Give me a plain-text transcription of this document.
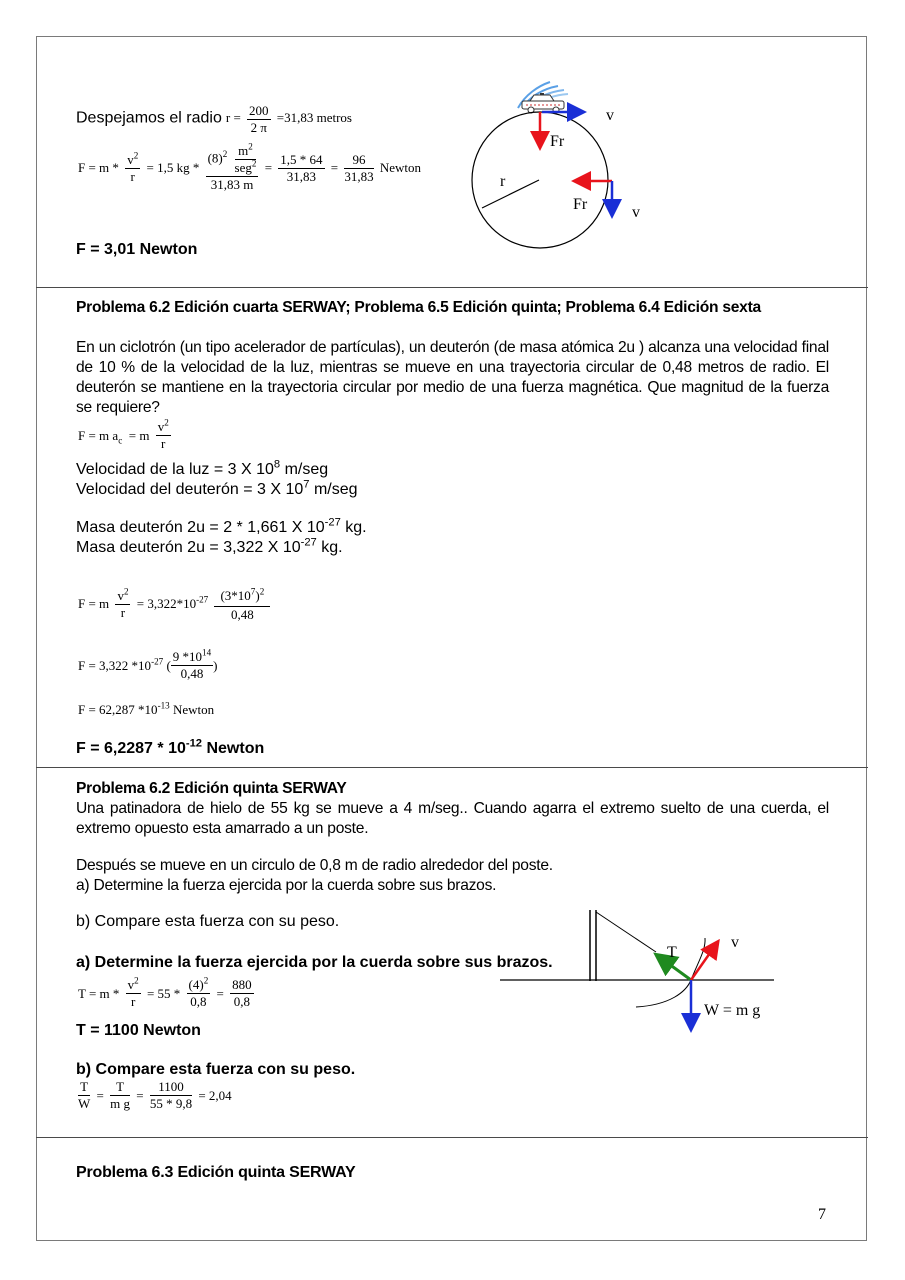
Despejamos el radio $r = \frac{200}{2 \pi} =31,83$ metros
$F = m * \frac{v^2}{r} = 1,5$ kg * $\frac{(8)^2 \frac{m^2}{seg^2}}{31,83 m} = \frac{1,5 * 64}{31,83} = \frac{96}{31,83}$ Newton
F = 3,01 Newton
v
Fr
r
Fr	v
Problema 6.2 Edición cuarta SERWAY; Problema 6.5 Edición quinta; Problema 6.4 Edición sexta
En un ciclotrón (un tipo acelerador de partículas), un deuterón (de masa atómica 2u ) alcanza una velocidad final de 10 % de la velocidad de la luz, mientras se mueve en una trayectoria circular de 0,48 metros de radio. El deuterón se mantiene en la trayectoria circular por medio de una fuerza magnética. Que magnitud de la fuerza se requiere?
F = m $a_c = m \frac{v^2}{r}$
Velocidad de la luz = 3 X $10^8$ m/seg
Velocidad del deuterón = 3 X $10^7$ m/seg
Masa deuterón 2u = 2 * 1,661 X $10^{-27}$ kg.
Masa deuterón 2u = 3,322 X $10^{-27}$ kg.
F = m $\frac{v^2}{r} = 3,322*10^{-27} \frac{(3*10^7)^2}{0,48}$
F = 3,322 $*10^{-27}$ ( $\frac{9 *10^{14}}{0,48}$ )
F = 62,287 $*10^{-13}$ Newton
$F = 6,2287 * 10^{-12}$ Newton
Problema 6.2 Edición quinta SERWAY
Una patinadora de hielo de 55 kg se mueve a 4 m/seg.. Cuando agarra el extremo suelto de una cuerda, el extremo opuesto esta amarrado a un poste.
Después se mueve en un circulo de 0,8 m de radio alrededor del poste.
a) Determine la fuerza ejercida por la cuerda sobre sus brazos.
b) Compare esta fuerza con su peso.
a) Determine la fuerza ejercida por la cuerda sobre sus brazos.
$T = m * \frac{v^2}{r} = 55 * \frac{(4)^2}{0,8} = \frac{880}{0,8}$
T = 1100 Newton
b) Compare esta fuerza con su peso.
$\frac{T}{W} = \frac{T}{\text{m g}} = \frac{1100}{55 * 9,8} = 2,04$
T
v
W = m g
Problema 6.3 Edición quinta SERWAY
7
